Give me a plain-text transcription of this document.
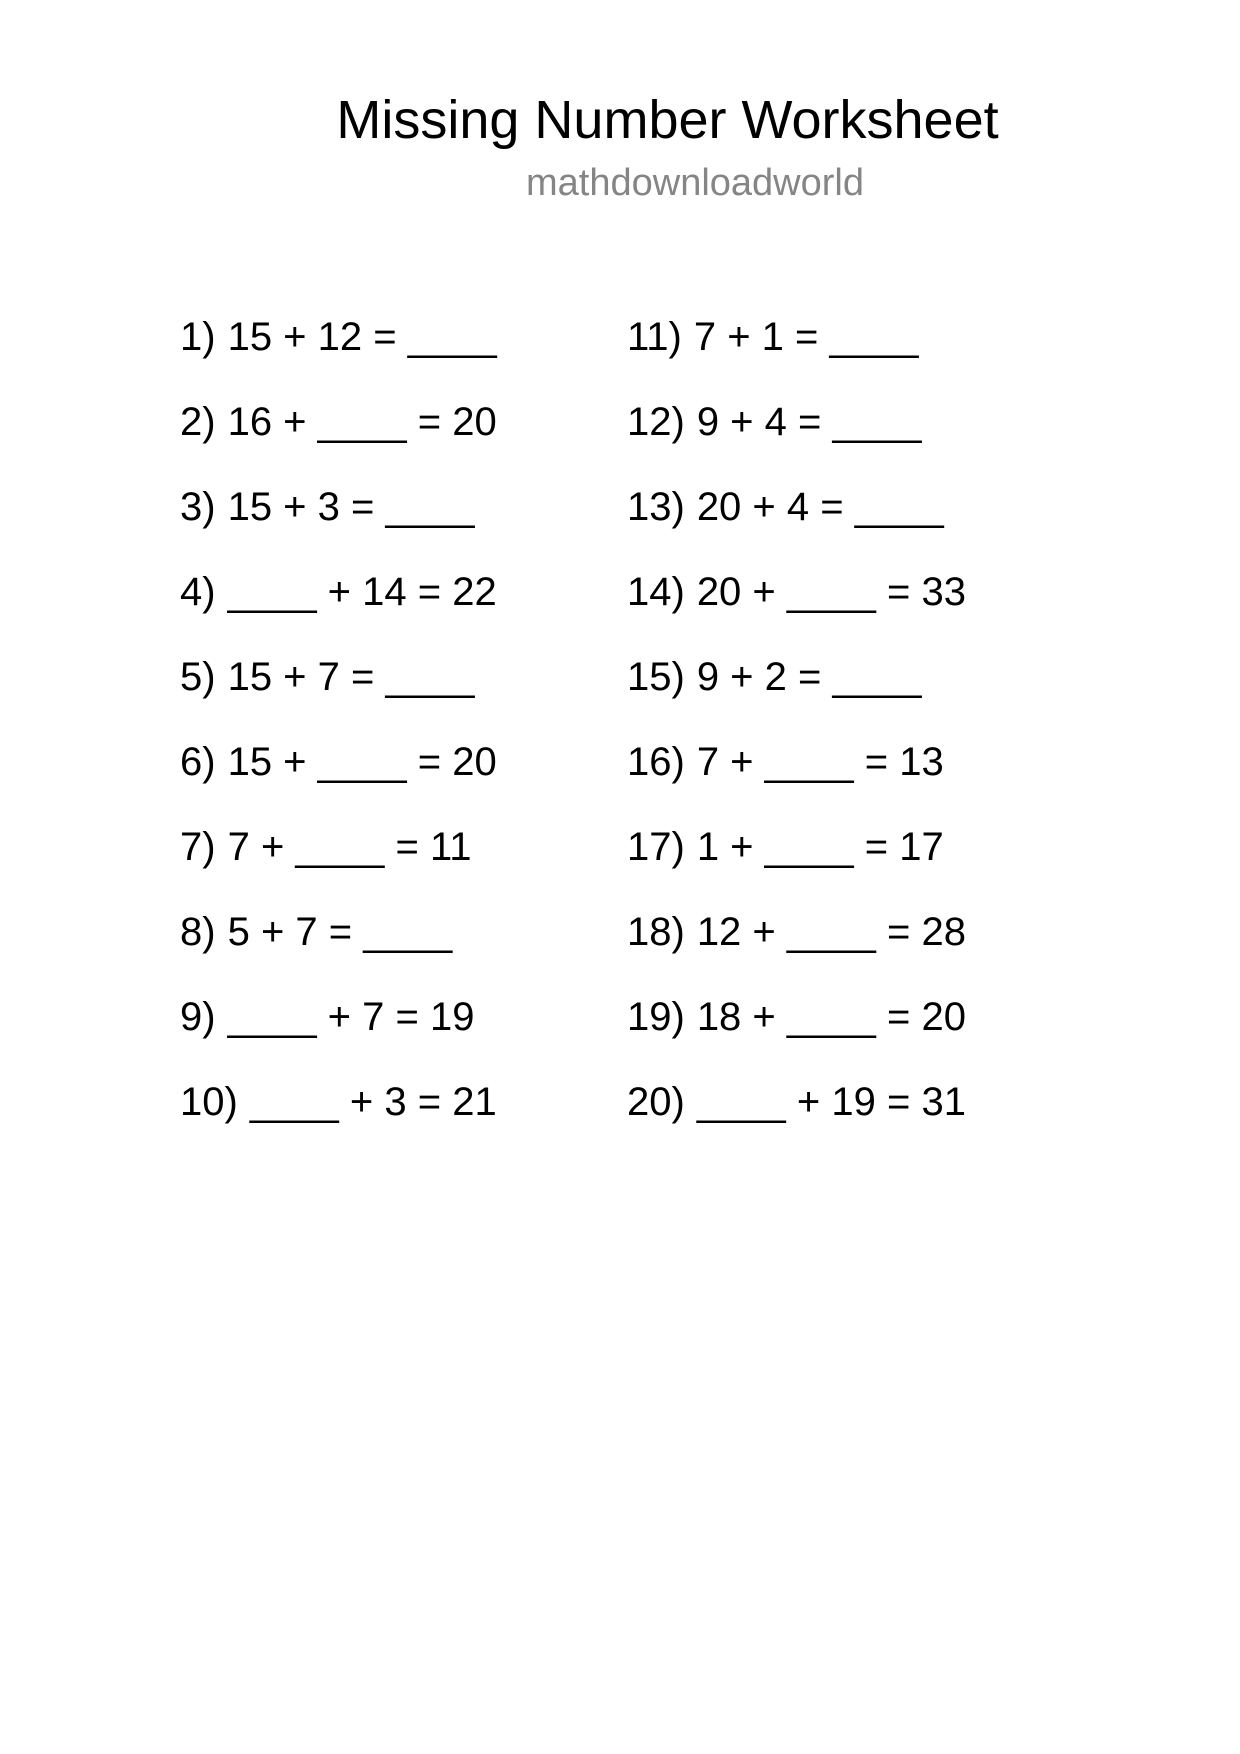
Missing Number Worksheet
mathdownloadworld
1) 15 + 12 = ____
2) 16 + ____ = 20
3) 15 + 3 = ____
4) ____ + 14 = 22
5) 15 + 7 = ____
6) 15 + ____ = 20
7) 7 + ____ = 11
8) 5 + 7 = ____
9) ____ + 7 = 19
10) ____ + 3 = 21
11) 7 + 1 = ____
12) 9 + 4 = ____
13) 20 + 4 = ____
14) 20 + ____ = 33
15) 9 + 2 = ____
16) 7 + ____ = 13
17) 1 + ____ = 17
18) 12 + ____ = 28
19) 18 + ____ = 20
20) ____ + 19 = 31
